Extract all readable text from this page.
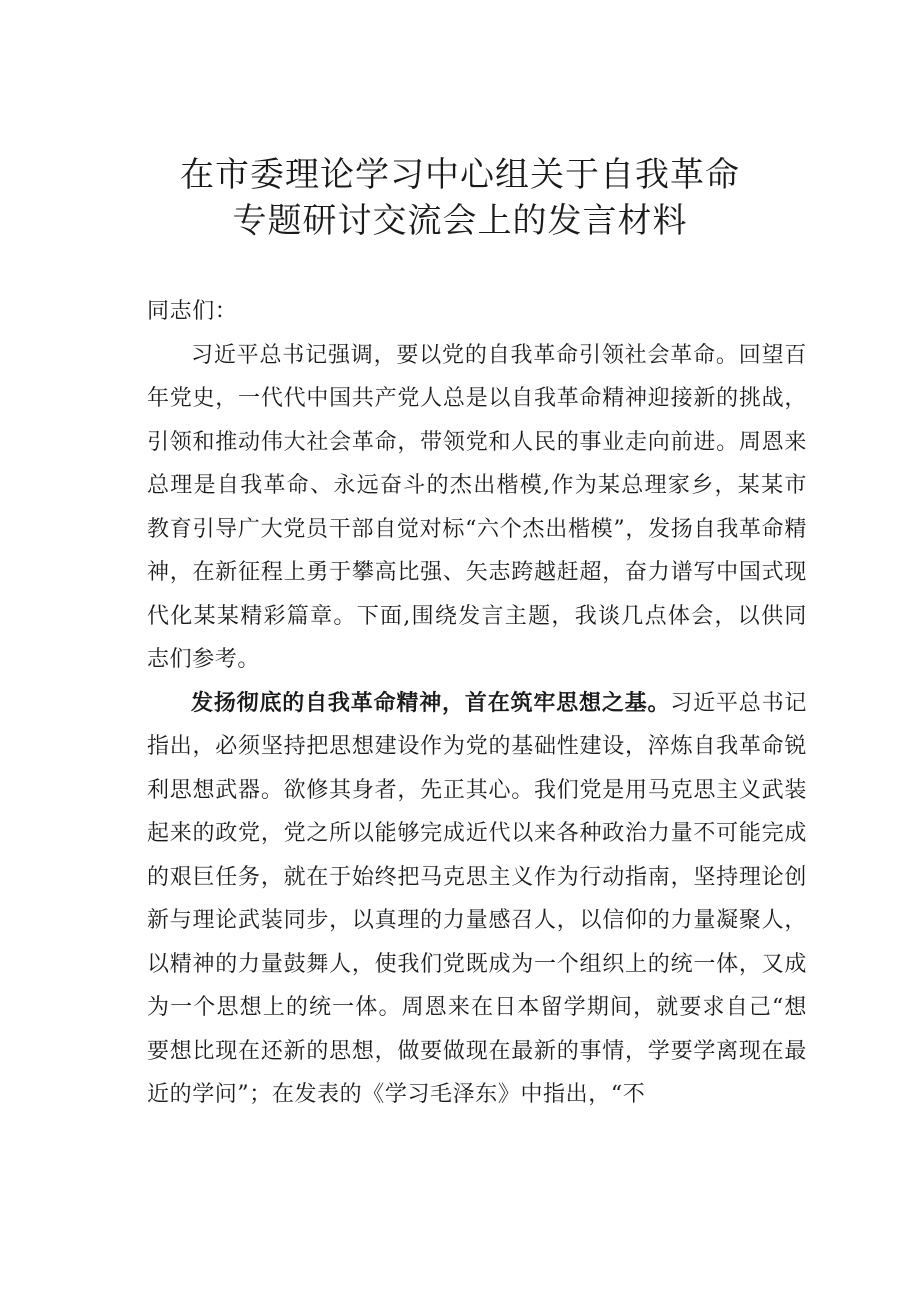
在市委理论学习中心组关于自我革命
专题研讨交流会上的发言材料

同志们：

习近平总书记强调，要以党的自我革命引领社会革命。回望百年党史，一代代中国共产党人总是以自我革命精神迎接新的挑战，引领和推动伟大社会革命，带领党和人民的事业走向前进。周恩来总理是自我革命、永远奋斗的杰出楷模,作为某总理家乡，某某市教育引导广大党员干部自觉对标“六个杰出楷模”，发扬自我革命精神，在新征程上勇于攀高比强、矢志跨越赶超，奋力谱写中国式现代化某某精彩篇章。下面,围绕发言主题，我谈几点体会，以供同志们参考。

发扬彻底的自我革命精神，首在筑牢思想之基。习近平总书记指出，必须坚持把思想建设作为党的基础性建设，淬炼自我革命锐利思想武器。欲修其身者，先正其心。我们党是用马克思主义武装起来的政党，党之所以能够完成近代以来各种政治力量不可能完成的艰巨任务，就在于始终把马克思主义作为行动指南，坚持理论创新与理论武装同步，以真理的力量感召人，以信仰的力量凝聚人，以精神的力量鼓舞人，使我们党既成为一个组织上的统一体，又成为一个思想上的统一体。周恩来在日本留学期间，就要求自己“想要想比现在还新的思想，做要做现在最新的事情，学要学离现在最近的学问”；在发表的《学习毛泽东》中指出，“不
